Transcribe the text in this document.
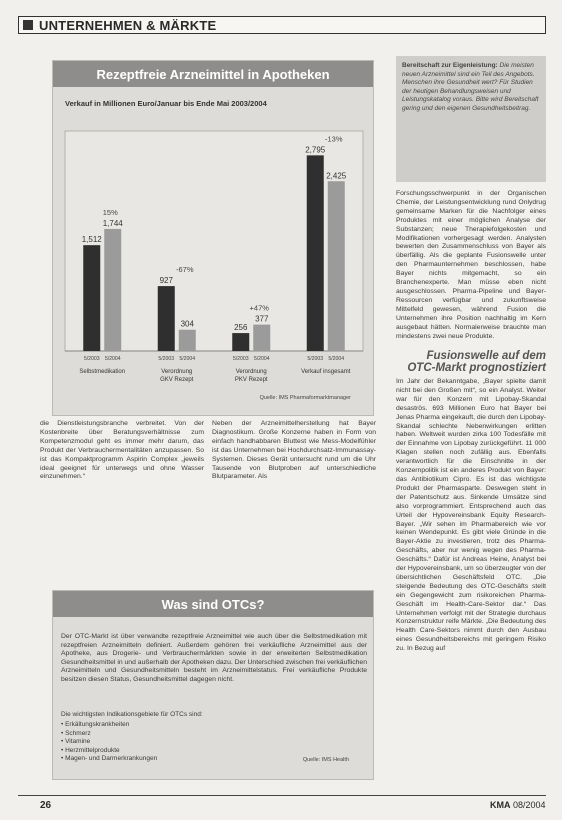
UNTERNEHMEN & MÄRKTE
Rezeptfreie Arzneimittel in Apotheken
Verkauf in Millionen Euro/Januar bis Ende Mai 2003/2004
1,512
5/2003
1,744
5/2004
15%
Selbstmedikation
927
5/2003
304
5/2004
-67%
Verordnung
GKV Rezept
256
5/2003
377
5/2004
+47%
Verordnung
PKV Rezept
2,795
5/2003
2,425
5/2004
-13%
Verkauf insgesamt
Quelle: IMS Pharmaformarktmanager
Bereitschaft zur Eigenleistung: Die meisten neuen Arzneimittel sind ein Teil des Angebots. Menschen ihre Gesundheit wert? Für Studien der heutigen Behandlungsweisen und Leistungskatalog voraus. Bitte wird Bereitschaft gering und den eigenen Gesundheitsbeitrag.
Forschungsschwerpunkt in der Organischen Chemie, der Leistungsentwicklung rund Onlydrug gemeinsame Marken für die Nachfolger eines Produktes mit einer möglichen Analyse der Substanzen; neue Therapiefolgekosten und Modifikationen vorhergesagt werden. Analysten bewerten den Zusammenschluss von Bayer als überfällig. Als die geplante Fusionswelle unter den Pharmaunternehmen beschlossen, habe Bayer nichts mitgemacht, so ein Branchenexperte. Man müsse eben nicht ausgeschlossen. Pharma-Pipeline und Bayer-Ressourcen verfügbar und zukunftsweise Mittelfeld gewesen, während Fusion die Unternehmen ihre Position nachhaltig im Kern ausgebaut hätten. Normalerweise brauchte man mindestens zwei neue Produkte.
Fusionswelle auf dem
OTC-Markt prognostiziert
Im Jahr der Bekanntgabe, „Bayer spielte damit nicht bei den Großen mit“, so ein Analyst. Weiter war für den Konzern mit Lipobay-Skandal desaströs. 693 Millionen Euro hat Bayer bei Jenas Pharma eingekauft, die durch den Lipobay-Skandal schlechte Nebenwirkungen erlitten haben. Weltweit wurden zirka 100 Todesfälle mit der Einnahme von Lipobay zurückgeführt. 11 000 Klagen stellen noch zufällig aus. Ebenfalls verantwortlich für die Einschnitte in der Konzernpolitik ist ein anderes Produkt von Bayer: das Antibiotikum Cipro. Es ist das wichtigste Produkt der Pharmasparte. Deswegen steht in der Patentschutz aus. Sinkende Umsätze sind also vorprogrammiert. Entsprechend auch das Urteil der Hypovereinsbank Equity Research-Bayer. „Wir sehen im Pharmabereich wie vor keinen Wendepunkt. Es gibt viele Gründe in die Bayer-Aktie zu investieren, trotz des Pharma-Geschäfts, aber nur wenig wegen des Pharma-Geschäfts.“ Dafür ist Andreas Heine, Analyst bei der Hypovereinsbank, um so überzeugter von der übersichtlichen Geschäftsfeld OTC. „Die steigende Bedeutung des OTC-Geschäfts stellt ein Gegengewicht zum risikoreichen Pharma-Geschäft im Health-Care-Sektor dar.“ Das Unternehmen verfolgt mit der Strategie durchaus Konzernstruktur reife Märkte. „Die Bedeutung des Health Care-Sektors nimmt durch den Ausbau eines Gesundheitsbereichs mit geringem Risiko zu. In Bezug auf
die Dienstleistungsbranche verbreitet. Von der Kostenbreite über Beratungsverhältnisse zum Kompetenzmodul geht es immer mehr darum, das Produkt der Verbrauchermentalitäten anzupassen. So ist das Kompaktprogramm Aspirin Complex „jeweils ideal geeignet für unterwegs und ohne Wasser einzunehmen.“
Neben der Arzneimittelherstellung hat Bayer Diagnostikum. Große Konzerne haben in Form von einfach handhabbaren Bluttest wie Mess-Modelfühler ist das Unternehmen bei Hochdurchsatz-Immunassay-Systemen. Dieses Gerät untersucht rund um die Uhr Tausende von Blutproben auf unterschiedliche Blutparameter. Als
Was sind OTCs?
Der OTC-Markt ist über verwandte rezeptfreie Arzneimittel wie auch über die Selbstmedikation mit rezeptfreien Arzneimitteln definiert. Außerdem gehören frei verkäufliche Arzneimittel aus der Apotheke, aus Drogerie- und Verbrauchermärkten sowie in der erweiterten Selbstmedikation Gesundheitsmittel in und außerhalb der Apotheken dazu. Der Unterschied zwischen frei verkäuflichen Arzneimitteln und Gesundheitsmitteln besteht im Arzneimittelstatus. Frei verkäufliche Produkte besitzen diesen Status, Gesundheitsmittel dagegen nicht.
Die wichtigsten Indikationsgebiete für OTCs sind:
• Erkältungskrankheiten
• Schmerz
• Vitamine
• Herzmittelprodukte
• Magen- und Darmerkrankungen	Quelle: IMS Health
26	KMA 08/2004
